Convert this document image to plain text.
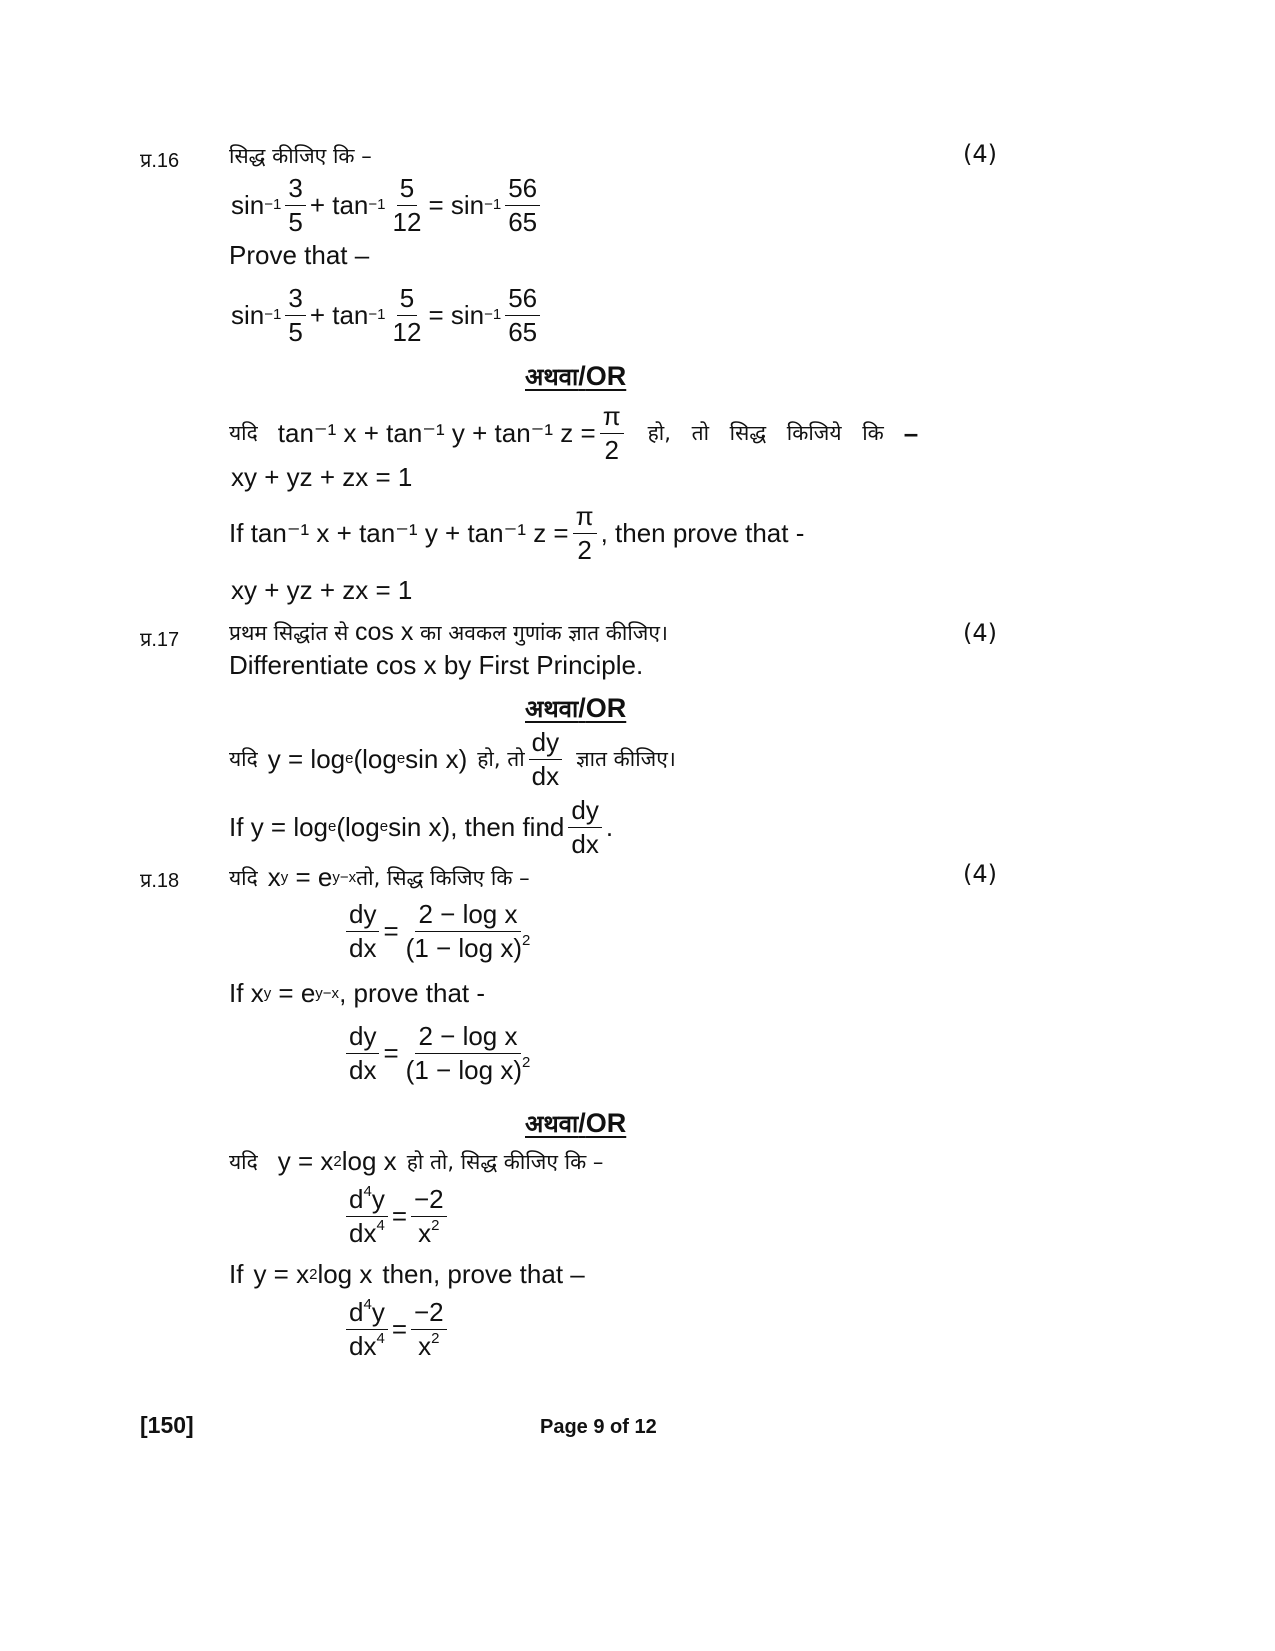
प्र.16 सिद्ध कीजिए कि –	(4)
$\sin -1 \frac{3}{5}$ +
$\tan -1 \frac{5}{12}$ =
$\sin -1 \frac{56}{65}$
Prove that –
$\sin -1 \frac{3}{5}$ +
$\tan -1 \frac{5}{12}$ =
$\sin -1 \frac{56}{65}$
अथवा/OR
यदि tan⁻¹ x + tan⁻¹ y + tan⁻¹ $z = \frac{\pi}{2}$ हो, तो सिद्ध किजिये कि –
xy + yz + zx = 1
If
tan⁻¹ x + tan⁻¹ y + tan⁻¹ $z = \frac{\pi}{2}$ , then prove that -
xy + yz + zx = 1
प्र.17	(4)
प्रथम सिद्धांत से cos x का अवकल गुणांक ज्ञात कीजिए।
Differentiate cos x by First Principle.
अथवा/OR
यदि y = log e (log e sin x) हो, तो $\frac{dy}{dx}$ ज्ञात कीजिए।
If
y = log e (log e sin x) , then find $\frac{dy}{dx}$ .
प्र.18	(4)
यदि x y
= e y−x तो, सिद्ध किजिए कि –
$\frac{dy}{dx} = \frac{\text{2 − log x}}{(1 - \log x)^2}$
If
x y
= e y−x , prove that -
$\frac{dy}{dx} = \frac{\text{2 − log x}}{(1 - \log x)^2}$
अथवा/OR
यदि y = x 2 log x हो तो, सिद्ध कीजिए कि –
$\frac{d^4y}{dx^4} = \frac{-2}{x^2}$
If y = x 2 log x then, prove that –
$\frac{d^4y}{dx^4} = \frac{-2}{x^2}$
[150]	Page 9 of 12
